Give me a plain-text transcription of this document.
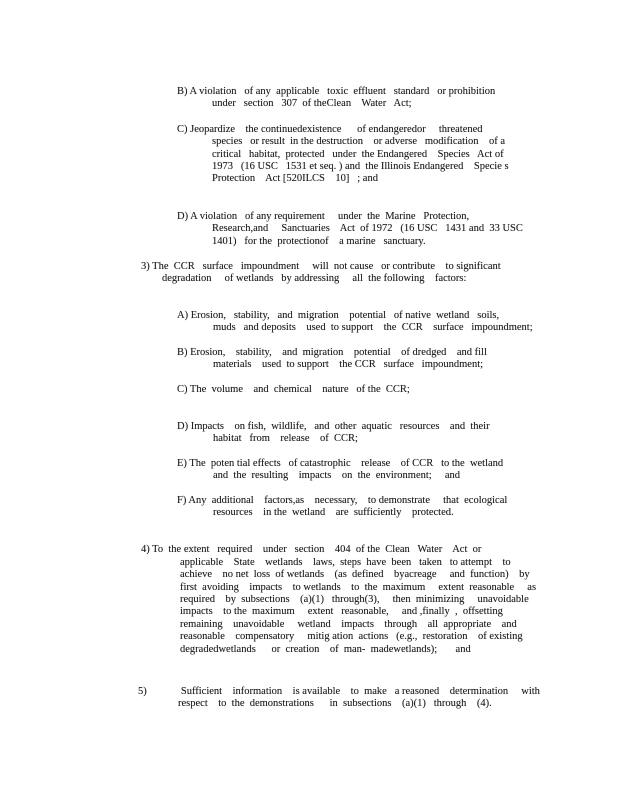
B) A violation   of any  applicable   toxic  effluent   standard   or prohibition
under   section   307  of theClean    Water   Act;
C) Jeopardize    the continuedexistence      of endangeredor     threatened
species   or result  in the destruction    or adverse   modification    of a
critical   habitat,  protected   under  the Endangered    Species   Act of
1973   (16 USC   1531 et seq. ) and  the Illinois Endangered    Specie s
Protection    Act [520ILCS    10]   ; and
D) A violation   of any requirement     under  the  Marine   Protection,
Research,and     Sanctuaries    Act  of 1972   (16 USC   1431 and  33 USC
1401)   for the  protectionof    a marine   sanctuary.
3) The  CCR   surface   impoundment     will  not cause   or contribute    to significant
degradation     of wetlands   by addressing     all  the following    factors:
A) Erosion,   stability,   and  migration    potential   of native  wetland   soils,
muds   and deposits    used  to support    the  CCR    surface   impoundment;
B) Erosion,    stability,    and  migration    potential    of dredged    and fill
materials    used  to support    the CCR   surface   impoundment;
C) The  volume    and  chemical    nature   of the  CCR;
D) Impacts    on fish,  wildlife,   and  other  aquatic   resources    and  their
habitat   from    release    of  CCR;
E) The  poten tial effects   of catastrophic    release    of CCR   to the  wetland
and  the  resulting    impacts    on  the  environment;     and
F) Any  additional    factors,as    necessary,    to demonstrate     that  ecological
resources    in the  wetland    are  sufficiently    protected.
4) To  the extent   required    under   section    404  of the  Clean   Water    Act  or
applicable    State    wetlands    laws,  steps  have  been   taken   to attempt    to
achieve    no net  loss  of wetlands    (as  defined    byacreage     and  function)    by
first  avoiding    impacts    to wetlands    to  the  maximum     extent  reasonable     as
required    by  subsections    (a)(1)   through(3),     then  minimizing     unavoidable
impacts    to the  maximum     extent   reasonable,     and ,finally  ,  offsetting
remaining    unavoidable     wetland    impacts    through    all  appropriate    and
reasonable    compensatory     mitig ation  actions   (e.g.,  restoration    of existing
degradedwetlands      or  creation    of  man-  madewetlands);       and
5)             Sufficient    information    is available    to  make   a reasoned    determination     with
respect    to  the  demonstrations      in  subsections    (a)(1)   through    (4).
